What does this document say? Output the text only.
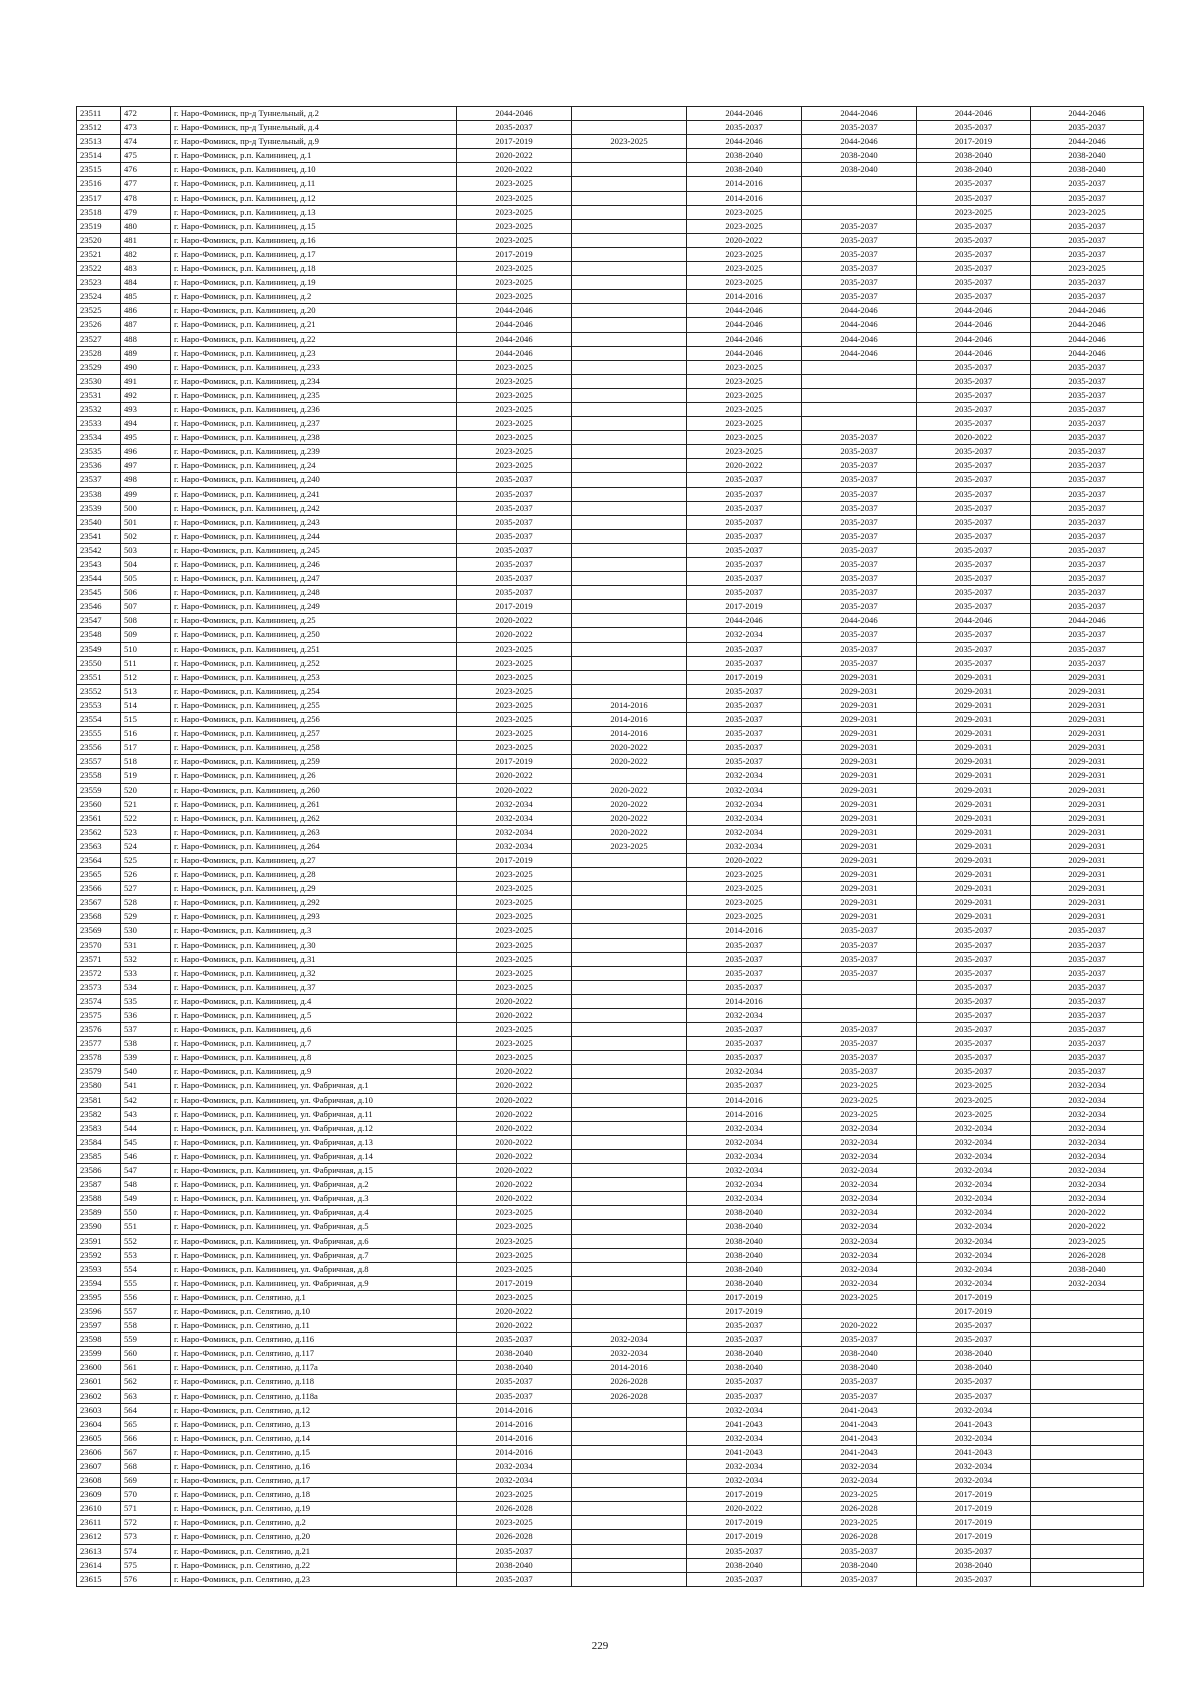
23511	472	г. Наро-Фоминск, пр-д Туннельный, д.2	2044-2046		2044-2046	2044-2046	2044-2046	2044-2046
23512	473	г. Наро-Фоминск, пр-д Туннельный, д.4	2035-2037		2035-2037	2035-2037	2035-2037	2035-2037
23513	474	г. Наро-Фоминск, пр-д Туннельный, д.9	2017-2019	2023-2025	2044-2046	2044-2046	2017-2019	2044-2046
23514	475	г. Наро-Фоминск, р.п. Калининец, д.1	2020-2022		2038-2040	2038-2040	2038-2040	2038-2040
23515	476	г. Наро-Фоминск, р.п. Калининец, д.10	2020-2022		2038-2040	2038-2040	2038-2040	2038-2040
23516	477	г. Наро-Фоминск, р.п. Калининец, д.11	2023-2025		2014-2016		2035-2037	2035-2037
23517	478	г. Наро-Фоминск, р.п. Калининец, д.12	2023-2025		2014-2016		2035-2037	2035-2037
23518	479	г. Наро-Фоминск, р.п. Калининец, д.13	2023-2025		2023-2025		2023-2025	2023-2025
23519	480	г. Наро-Фоминск, р.п. Калининец, д.15	2023-2025		2023-2025	2035-2037	2035-2037	2035-2037
23520	481	г. Наро-Фоминск, р.п. Калининец, д.16	2023-2025		2020-2022	2035-2037	2035-2037	2035-2037
23521	482	г. Наро-Фоминск, р.п. Калининец, д.17	2017-2019		2023-2025	2035-2037	2035-2037	2035-2037
23522	483	г. Наро-Фоминск, р.п. Калининец, д.18	2023-2025		2023-2025	2035-2037	2035-2037	2023-2025
23523	484	г. Наро-Фоминск, р.п. Калининец, д.19	2023-2025		2023-2025	2035-2037	2035-2037	2035-2037
23524	485	г. Наро-Фоминск, р.п. Калининец, д.2	2023-2025		2014-2016	2035-2037	2035-2037	2035-2037
23525	486	г. Наро-Фоминск, р.п. Калининец, д.20	2044-2046		2044-2046	2044-2046	2044-2046	2044-2046
23526	487	г. Наро-Фоминск, р.п. Калининец, д.21	2044-2046		2044-2046	2044-2046	2044-2046	2044-2046
23527	488	г. Наро-Фоминск, р.п. Калининец, д.22	2044-2046		2044-2046	2044-2046	2044-2046	2044-2046
23528	489	г. Наро-Фоминск, р.п. Калининец, д.23	2044-2046		2044-2046	2044-2046	2044-2046	2044-2046
23529	490	г. Наро-Фоминск, р.п. Калининец, д.233	2023-2025		2023-2025		2035-2037	2035-2037
23530	491	г. Наро-Фоминск, р.п. Калининец, д.234	2023-2025		2023-2025		2035-2037	2035-2037
23531	492	г. Наро-Фоминск, р.п. Калининец, д.235	2023-2025		2023-2025		2035-2037	2035-2037
23532	493	г. Наро-Фоминск, р.п. Калининец, д.236	2023-2025		2023-2025		2035-2037	2035-2037
23533	494	г. Наро-Фоминск, р.п. Калининец, д.237	2023-2025		2023-2025		2035-2037	2035-2037
23534	495	г. Наро-Фоминск, р.п. Калининец, д.238	2023-2025		2023-2025	2035-2037	2020-2022	2035-2037
23535	496	г. Наро-Фоминск, р.п. Калининец, д.239	2023-2025		2023-2025	2035-2037	2035-2037	2035-2037
23536	497	г. Наро-Фоминск, р.п. Калининец, д.24	2023-2025		2020-2022	2035-2037	2035-2037	2035-2037
23537	498	г. Наро-Фоминск, р.п. Калининец, д.240	2035-2037		2035-2037	2035-2037	2035-2037	2035-2037
23538	499	г. Наро-Фоминск, р.п. Калининец, д.241	2035-2037		2035-2037	2035-2037	2035-2037	2035-2037
23539	500	г. Наро-Фоминск, р.п. Калининец, д.242	2035-2037		2035-2037	2035-2037	2035-2037	2035-2037
23540	501	г. Наро-Фоминск, р.п. Калининец, д.243	2035-2037		2035-2037	2035-2037	2035-2037	2035-2037
23541	502	г. Наро-Фоминск, р.п. Калининец, д.244	2035-2037		2035-2037	2035-2037	2035-2037	2035-2037
23542	503	г. Наро-Фоминск, р.п. Калининец, д.245	2035-2037		2035-2037	2035-2037	2035-2037	2035-2037
23543	504	г. Наро-Фоминск, р.п. Калининец, д.246	2035-2037		2035-2037	2035-2037	2035-2037	2035-2037
23544	505	г. Наро-Фоминск, р.п. Калининец, д.247	2035-2037		2035-2037	2035-2037	2035-2037	2035-2037
23545	506	г. Наро-Фоминск, р.п. Калининец, д.248	2035-2037		2035-2037	2035-2037	2035-2037	2035-2037
23546	507	г. Наро-Фоминск, р.п. Калининец, д.249	2017-2019		2017-2019	2035-2037	2035-2037	2035-2037
23547	508	г. Наро-Фоминск, р.п. Калининец, д.25	2020-2022		2044-2046	2044-2046	2044-2046	2044-2046
23548	509	г. Наро-Фоминск, р.п. Калининец, д.250	2020-2022		2032-2034	2035-2037	2035-2037	2035-2037
23549	510	г. Наро-Фоминск, р.п. Калининец, д.251	2023-2025		2035-2037	2035-2037	2035-2037	2035-2037
23550	511	г. Наро-Фоминск, р.п. Калининец, д.252	2023-2025		2035-2037	2035-2037	2035-2037	2035-2037
23551	512	г. Наро-Фоминск, р.п. Калининец, д.253	2023-2025		2017-2019	2029-2031	2029-2031	2029-2031
23552	513	г. Наро-Фоминск, р.п. Калининец, д.254	2023-2025		2035-2037	2029-2031	2029-2031	2029-2031
23553	514	г. Наро-Фоминск, р.п. Калининец, д.255	2023-2025	2014-2016	2035-2037	2029-2031	2029-2031	2029-2031
23554	515	г. Наро-Фоминск, р.п. Калининец, д.256	2023-2025	2014-2016	2035-2037	2029-2031	2029-2031	2029-2031
23555	516	г. Наро-Фоминск, р.п. Калининец, д.257	2023-2025	2014-2016	2035-2037	2029-2031	2029-2031	2029-2031
23556	517	г. Наро-Фоминск, р.п. Калининец, д.258	2023-2025	2020-2022	2035-2037	2029-2031	2029-2031	2029-2031
23557	518	г. Наро-Фоминск, р.п. Калининец, д.259	2017-2019	2020-2022	2035-2037	2029-2031	2029-2031	2029-2031
23558	519	г. Наро-Фоминск, р.п. Калининец, д.26	2020-2022		2032-2034	2029-2031	2029-2031	2029-2031
23559	520	г. Наро-Фоминск, р.п. Калининец, д.260	2020-2022	2020-2022	2032-2034	2029-2031	2029-2031	2029-2031
23560	521	г. Наро-Фоминск, р.п. Калининец, д.261	2032-2034	2020-2022	2032-2034	2029-2031	2029-2031	2029-2031
23561	522	г. Наро-Фоминск, р.п. Калининец, д.262	2032-2034	2020-2022	2032-2034	2029-2031	2029-2031	2029-2031
23562	523	г. Наро-Фоминск, р.п. Калининец, д.263	2032-2034	2020-2022	2032-2034	2029-2031	2029-2031	2029-2031
23563	524	г. Наро-Фоминск, р.п. Калининец, д.264	2032-2034	2023-2025	2032-2034	2029-2031	2029-2031	2029-2031
23564	525	г. Наро-Фоминск, р.п. Калининец, д.27	2017-2019		2020-2022	2029-2031	2029-2031	2029-2031
23565	526	г. Наро-Фоминск, р.п. Калининец, д.28	2023-2025		2023-2025	2029-2031	2029-2031	2029-2031
23566	527	г. Наро-Фоминск, р.п. Калининец, д.29	2023-2025		2023-2025	2029-2031	2029-2031	2029-2031
23567	528	г. Наро-Фоминск, р.п. Калининец, д.292	2023-2025		2023-2025	2029-2031	2029-2031	2029-2031
23568	529	г. Наро-Фоминск, р.п. Калининец, д.293	2023-2025		2023-2025	2029-2031	2029-2031	2029-2031
23569	530	г. Наро-Фоминск, р.п. Калининец, д.3	2023-2025		2014-2016	2035-2037	2035-2037	2035-2037
23570	531	г. Наро-Фоминск, р.п. Калининец, д.30	2023-2025		2035-2037	2035-2037	2035-2037	2035-2037
23571	532	г. Наро-Фоминск, р.п. Калининец, д.31	2023-2025		2035-2037	2035-2037	2035-2037	2035-2037
23572	533	г. Наро-Фоминск, р.п. Калининец, д.32	2023-2025		2035-2037	2035-2037	2035-2037	2035-2037
23573	534	г. Наро-Фоминск, р.п. Калининец, д.37	2023-2025		2035-2037		2035-2037	2035-2037
23574	535	г. Наро-Фоминск, р.п. Калининец, д.4	2020-2022		2014-2016		2035-2037	2035-2037
23575	536	г. Наро-Фоминск, р.п. Калининец, д.5	2020-2022		2032-2034		2035-2037	2035-2037
23576	537	г. Наро-Фоминск, р.п. Калининец, д.6	2023-2025		2035-2037	2035-2037	2035-2037	2035-2037
23577	538	г. Наро-Фоминск, р.п. Калининец, д.7	2023-2025		2035-2037	2035-2037	2035-2037	2035-2037
23578	539	г. Наро-Фоминск, р.п. Калининец, д.8	2023-2025		2035-2037	2035-2037	2035-2037	2035-2037
23579	540	г. Наро-Фоминск, р.п. Калининец, д.9	2020-2022		2032-2034	2035-2037	2035-2037	2035-2037
23580	541	г. Наро-Фоминск, р.п. Калининец, ул. Фабричная, д.1	2020-2022		2035-2037	2023-2025	2023-2025	2032-2034
23581	542	г. Наро-Фоминск, р.п. Калининец, ул. Фабричная, д.10	2020-2022		2014-2016	2023-2025	2023-2025	2032-2034
23582	543	г. Наро-Фоминск, р.п. Калининец, ул. Фабричная, д.11	2020-2022		2014-2016	2023-2025	2023-2025	2032-2034
23583	544	г. Наро-Фоминск, р.п. Калининец, ул. Фабричная, д.12	2020-2022		2032-2034	2032-2034	2032-2034	2032-2034
23584	545	г. Наро-Фоминск, р.п. Калининец, ул. Фабричная, д.13	2020-2022		2032-2034	2032-2034	2032-2034	2032-2034
23585	546	г. Наро-Фоминск, р.п. Калининец, ул. Фабричная, д.14	2020-2022		2032-2034	2032-2034	2032-2034	2032-2034
23586	547	г. Наро-Фоминск, р.п. Калининец, ул. Фабричная, д.15	2020-2022		2032-2034	2032-2034	2032-2034	2032-2034
23587	548	г. Наро-Фоминск, р.п. Калининец, ул. Фабричная, д.2	2020-2022		2032-2034	2032-2034	2032-2034	2032-2034
23588	549	г. Наро-Фоминск, р.п. Калининец, ул. Фабричная, д.3	2020-2022		2032-2034	2032-2034	2032-2034	2032-2034
23589	550	г. Наро-Фоминск, р.п. Калининец, ул. Фабричная, д.4	2023-2025		2038-2040	2032-2034	2032-2034	2020-2022
23590	551	г. Наро-Фоминск, р.п. Калининец, ул. Фабричная, д.5	2023-2025		2038-2040	2032-2034	2032-2034	2020-2022
23591	552	г. Наро-Фоминск, р.п. Калининец, ул. Фабричная, д.6	2023-2025		2038-2040	2032-2034	2032-2034	2023-2025
23592	553	г. Наро-Фоминск, р.п. Калининец, ул. Фабричная, д.7	2023-2025		2038-2040	2032-2034	2032-2034	2026-2028
23593	554	г. Наро-Фоминск, р.п. Калининец, ул. Фабричная, д.8	2023-2025		2038-2040	2032-2034	2032-2034	2038-2040
23594	555	г. Наро-Фоминск, р.п. Калининец, ул. Фабричная, д.9	2017-2019		2038-2040	2032-2034	2032-2034	2032-2034
23595	556	г. Наро-Фоминск, р.п. Селятино, д.1	2023-2025		2017-2019	2023-2025	2017-2019	
23596	557	г. Наро-Фоминск, р.п. Селятино, д.10	2020-2022		2017-2019		2017-2019	
23597	558	г. Наро-Фоминск, р.п. Селятино, д.11	2020-2022		2035-2037	2020-2022	2035-2037	
23598	559	г. Наро-Фоминск, р.п. Селятино, д.116	2035-2037	2032-2034	2035-2037	2035-2037	2035-2037	
23599	560	г. Наро-Фоминск, р.п. Селятино, д.117	2038-2040	2032-2034	2038-2040	2038-2040	2038-2040	
23600	561	г. Наро-Фоминск, р.п. Селятино, д.117а	2038-2040	2014-2016	2038-2040	2038-2040	2038-2040	
23601	562	г. Наро-Фоминск, р.п. Селятино, д.118	2035-2037	2026-2028	2035-2037	2035-2037	2035-2037	
23602	563	г. Наро-Фоминск, р.п. Селятино, д.118а	2035-2037	2026-2028	2035-2037	2035-2037	2035-2037	
23603	564	г. Наро-Фоминск, р.п. Селятино, д.12	2014-2016		2032-2034	2041-2043	2032-2034	
23604	565	г. Наро-Фоминск, р.п. Селятино, д.13	2014-2016		2041-2043	2041-2043	2041-2043	
23605	566	г. Наро-Фоминск, р.п. Селятино, д.14	2014-2016		2032-2034	2041-2043	2032-2034	
23606	567	г. Наро-Фоминск, р.п. Селятино, д.15	2014-2016		2041-2043	2041-2043	2041-2043	
23607	568	г. Наро-Фоминск, р.п. Селятино, д.16	2032-2034		2032-2034	2032-2034	2032-2034	
23608	569	г. Наро-Фоминск, р.п. Селятино, д.17	2032-2034		2032-2034	2032-2034	2032-2034	
23609	570	г. Наро-Фоминск, р.п. Селятино, д.18	2023-2025		2017-2019	2023-2025	2017-2019	
23610	571	г. Наро-Фоминск, р.п. Селятино, д.19	2026-2028		2020-2022	2026-2028	2017-2019	
23611	572	г. Наро-Фоминск, р.п. Селятино, д.2	2023-2025		2017-2019	2023-2025	2017-2019	
23612	573	г. Наро-Фоминск, р.п. Селятино, д.20	2026-2028		2017-2019	2026-2028	2017-2019	
23613	574	г. Наро-Фоминск, р.п. Селятино, д.21	2035-2037		2035-2037	2035-2037	2035-2037	
23614	575	г. Наро-Фоминск, р.п. Селятино, д.22	2038-2040		2038-2040	2038-2040	2038-2040	
23615	576	г. Наро-Фоминск, р.п. Селятино, д.23	2035-2037		2035-2037	2035-2037	2035-2037	
229
